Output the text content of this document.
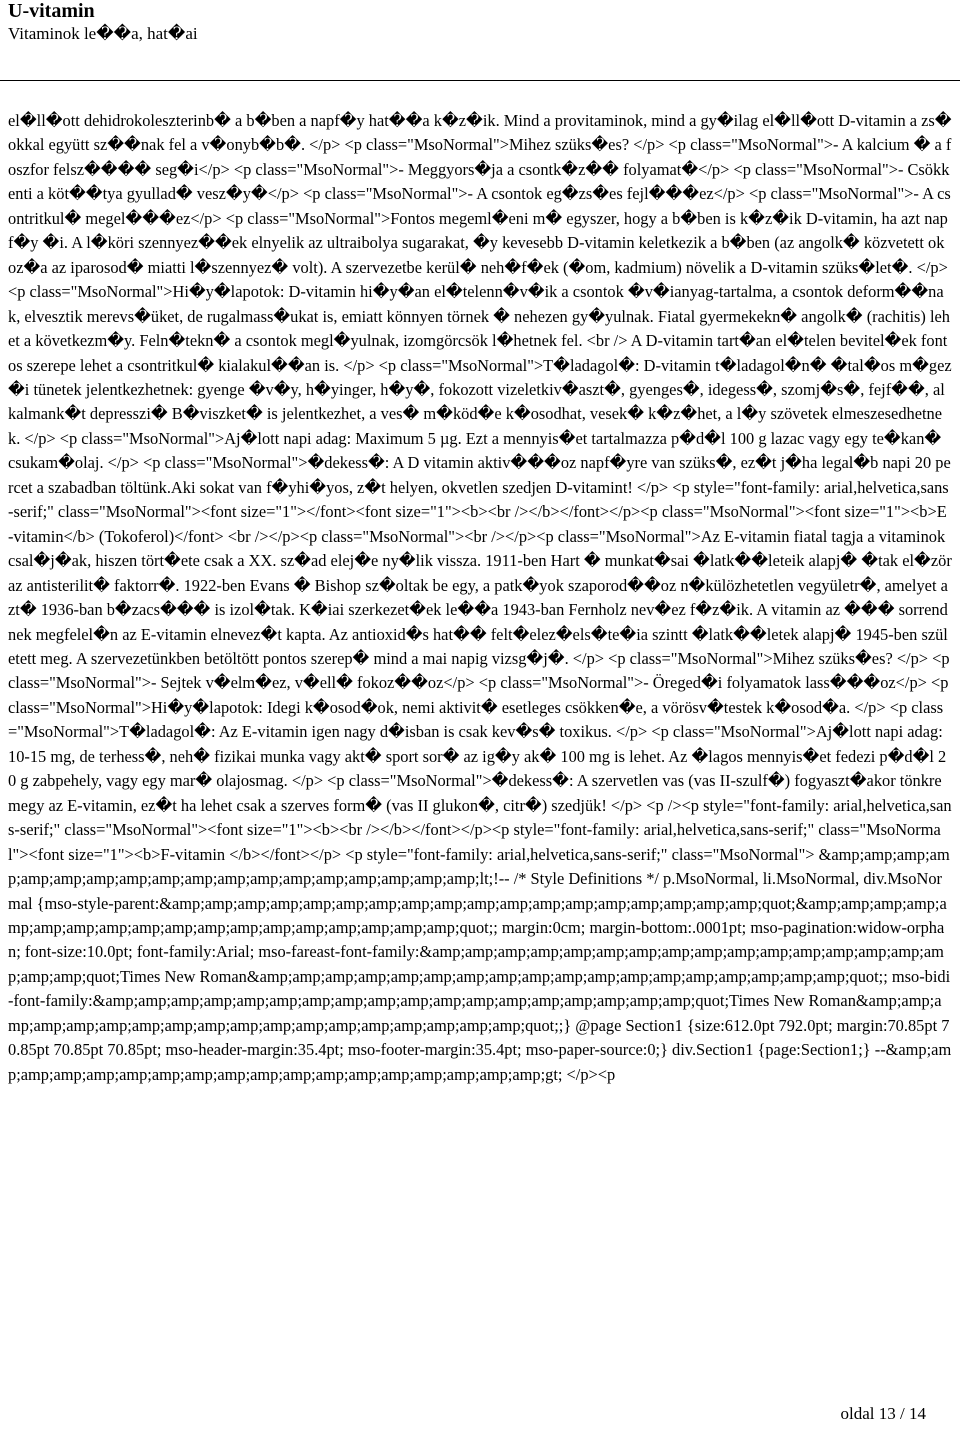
U-vitamin
Vitaminok le��a, hat�ai

el�ll�ott dehidrokoleszterinb� a b�ben a napf�y hat��a k�z�ik. Mind a provitaminok, mind a gy�ilag el�ll�ott D-vitamin a zs�okkal együtt sz��nak fel a v�onyb�b�. </p> <p class="MsoNormal">Mihez szüks�es? </p> <p class="MsoNormal">- A kalcium � a foszfor felsz���� seg�i</p> <p class="MsoNormal">- Meggyors�ja a csontk�z�� folyamat�</p> <p class="MsoNormal">- Csökkenti a köt��tya gyullad� vesz�y�</p> <p class="MsoNormal">- A csontok eg�zs�es fejl���ez</p> <p class="MsoNormal">- A csontritkul� megel���ez</p> <p class="MsoNormal">Fontos megeml�eni m� egyszer, hogy a b�ben is k�z�ik D-vitamin, ha azt napf�y �i. A l�köri szennyez��ek elnyelik az ultraibolya sugarakat, �y kevesebb D-vitamin keletkezik a b�ben (az angolk� közvetett okoz�a az iparosod� miatti l�szennyez� volt). A szervezetbe kerül� neh�f�ek (�om, kadmium) növelik a D-vitamin szüks�let�. </p> <p class="MsoNormal">Hi�y�lapotok: D-vitamin hi�y�an el�telenn�v�ik a csontok �v�ianyag-tartalma, a csontok deform��nak, elvesztik merevs�üket, de rugalmass�ukat is, emiatt könnyen törnek � nehezen gy�yulnak. Fiatal gyermekekn� angolk� (rachitis) lehet a következm�y. Feln�tekn� a csontok megl�yulnak, izomgörcsök l�hetnek fel. <br /> A D-vitamin tart�an el�telen bevitel�ek fontos szerepe lehet a csontritkul� kialakul��an is. </p> <p class="MsoNormal">T�ladagol�: D-vitamin t�ladagol�n� �tal�os m�gez�i tünetek jelentkezhetnek: gyenge �v�y, h�yinger, h�y�, fokozott vizeletkiv�aszt�, gyenges�, idegess�, szomj�s�, fejf��, alkalmank�t depresszi� B�viszket� is jelentkezhet, a ves� m�köd�e k�osodhat, vesek� k�z�het, a l�y szövetek elmeszesedhetnek. </p> <p class="MsoNormal">Aj�lott napi adag: Maximum 5 µg. Ezt a mennyis�et tartalmazza p�d�l 100 g lazac vagy egy te�kan� csukam�olaj. </p> <p class="MsoNormal">�dekess�: A D vitamin aktiv���oz napf�yre van szüks�, ez�t j�ha legal�b napi 20 percet a szabadban töltünk.Aki sokat van f�yhi�yos, z�t helyen, okvetlen szedjen D-vitamint! </p> <p style="font-family: arial,helvetica,sans-serif;" class="MsoNormal"><font size="1"></font><font size="1"><b><br /></b></font></p><p class="MsoNormal"><font size="1"><b>E-vitamin</b> (Tokoferol)</font> <br /></p><p class="MsoNormal"><br /></p><p class="MsoNormal">Az E-vitamin fiatal tagja a vitaminok csal�j�ak, hiszen tört�ete csak a XX. sz�ad elej�e ny�lik vissza. 1911-ben Hart � munkat�sai �latk��leteik alapj� �tak el�zör az antisterilit� faktorr�. 1922-ben Evans � Bishop sz�oltak be egy, a patk�yok szaporod��oz n�külözhetetlen vegyületr�, amelyet azt� 1936-ban b�zacs��� is izol�tak. K�iai szerkezet�ek le��a 1943-ban Fernholz nev�ez f�z�ik. A vitamin az ��� sorrendnek megfelel�n az E-vitamin elnevez�t kapta. Az antioxid�s hat�� felt�elez�els�te�ia szintt �latk��letek alapj� 1945-ben született meg. A szervezetünkben betöltött pontos szerep� mind a mai napig vizsg�j�. </p> <p class="MsoNormal">Mihez szüks�es? </p> <p class="MsoNormal">- Sejtek v�elm�ez, v�ell� fokoz��oz</p> <p class="MsoNormal">- Öreged�i folyamatok lass���oz</p> <p class="MsoNormal">Hi�y�lapotok: Idegi k�osod�ok, nemi aktivit� esetleges csökken�e, a vörösv�testek k�osod�a. </p> <p class="MsoNormal">T�ladagol�: Az E-vitamin igen nagy d�isban is csak kev�s� toxikus. </p> <p class="MsoNormal">Aj�lott napi adag: 10-15 mg, de terhess�, neh� fizikai munka vagy akt� sport sor� az ig�y ak� 100 mg is lehet. Az �lagos mennyis�et fedezi p�d�l 20 g zabpehely, vagy egy mar� olajosmag. </p> <p class="MsoNormal">�dekess�: A szervetlen vas (vas II-szulf�) fogyaszt�akor tönkremegy az E-vitamin, ez�t ha lehet csak a szerves form� (vas II glukon�, citr�) szedjük! </p> <p /><p style="font-family: arial,helvetica,sans-serif;" class="MsoNormal"><font size="1"><b><br /></b></font></p><p style="font-family: arial,helvetica,sans-serif;" class="MsoNormal"><font size="1"><b>F-vitamin </b></font></p> <p style="font-family: arial,helvetica,sans-serif;" class="MsoNormal"> &amp;amp;amp;amp;amp;amp;amp;amp;amp;amp;amp;amp;amp;amp;amp;amp;amp;amp;lt;!-- /* Style Definitions */ p.MsoNormal, li.MsoNormal, div.MsoNormal {mso-style-parent:&amp;amp;amp;amp;amp;amp;amp;amp;amp;amp;amp;amp;amp;amp;amp;amp;amp;amp;quot;&amp;amp;amp;amp;amp;amp;amp;amp;amp;amp;amp;amp;amp;amp;amp;amp;amp;amp;quot;; margin:0cm; margin-bottom:.0001pt; mso-pagination:widow-orphan; font-size:10.0pt; font-family:Arial; mso-fareast-font-family:&amp;amp;amp;amp;amp;amp;amp;amp;amp;amp;amp;amp;amp;amp;amp;amp;amp;amp;quot;Times New Roman&amp;amp;amp;amp;amp;amp;amp;amp;amp;amp;amp;amp;amp;amp;amp;amp;amp;amp;quot;; mso-bidi-font-family:&amp;amp;amp;amp;amp;amp;amp;amp;amp;amp;amp;amp;amp;amp;amp;amp;amp;amp;quot;Times New Roman&amp;amp;amp;amp;amp;amp;amp;amp;amp;amp;amp;amp;amp;amp;amp;amp;amp;amp;quot;;} @page Section1 {size:612.0pt 792.0pt; margin:70.85pt 70.85pt 70.85pt 70.85pt; mso-header-margin:35.4pt; mso-footer-margin:35.4pt; mso-paper-source:0;} div.Section1 {page:Section1;} --&amp;amp;amp;amp;amp;amp;amp;amp;amp;amp;amp;amp;amp;amp;amp;amp;amp;amp;gt; </p><p

oldal 13 / 14
